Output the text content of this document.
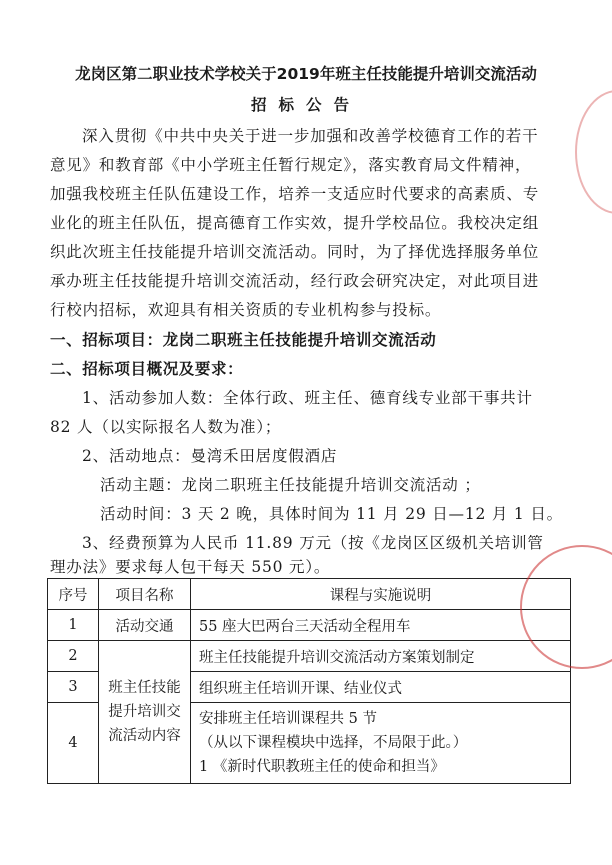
龙岗区第二职业技术学校关于2019年班主任技能提升培训交流活动
招标公告
深入贯彻《中共中央关于进一步加强和改善学校德育工作的若干
意见》和教育部《中小学班主任暂行规定》，落实教育局文件精神，
加强我校班主任队伍建设工作，培养一支适应时代要求的高素质、专
业化的班主任队伍，提高德育工作实效，提升学校品位。我校决定组
织此次班主任技能提升培训交流活动。同时，为了择优选择服务单位
承办班主任技能提升培训交流活动，经行政会研究决定，对此项目进
行校内招标，欢迎具有相关资质的专业机构参与投标。
一、招标项目：龙岗二职班主任技能提升培训交流活动
二、招标项目概况及要求：
1、活动参加人数：全体行政、班主任、德育线专业部干事共计
82 人（以实际报名人数为准）；
2、活动地点：曼湾禾田居度假酒店
活动主题：龙岗二职班主任技能提升培训交流活动 ；
活动时间：3 天 2 晚，具体时间为 11 月 29 日—12 月 1 日。
3、经费预算为人民币 11.89 万元（按《龙岗区区级机关培训管
理办法》要求每人包干每天 550 元）。
序号	项目名称	课程与实施说明
1	活动交通	55 座大巴两台三天活动全程用车
2	班主任技能
提升培训交
流活动内容	班主任技能提升培训交流活动方案策划制定
3		组织班主任培训开课、结业仪式
4		安排班主任培训课程共 5 节
（从以下课程模块中选择，不局限于此。）
1 《新时代职教班主任的使命和担当》
